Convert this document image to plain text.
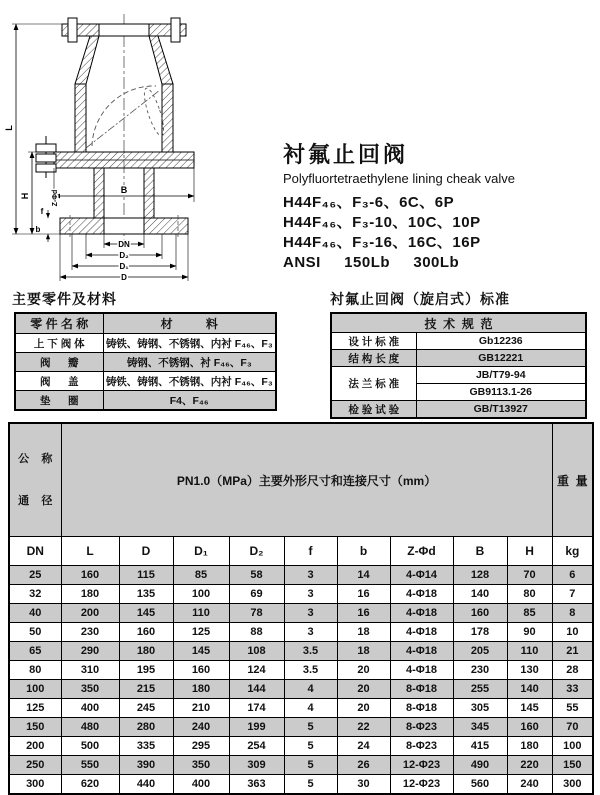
L
H
B
f
b
Z-Φd
DN
D₂
D₁
D
衬氟止回阀
Polyfluortetraethylene lining cheak valve
H44F₄₆、F₃-6、6C、6P
H44F₄₆、F₃-10、10C、10P
H44F₄₆、F₃-16、16C、16P
ANSI     150Lb     300Lb
主要零件及材料
零 件 名 称	材          料
上 下 阀 体	铸铁、铸钢、不锈钢、内衬 F₄₆、F₃
阀      瓣	铸钢、不锈钢、衬 F₄₆、F₃
阀      盖	铸铁、铸钢、不锈钢、内衬 F₄₆、F₃
垫      圈	F4、F₄₆
衬氟止回阀（旋启式）标准
技  术  规  范	
设 计 标 准	Gb12236
结 构 长 度	GB12221
法 兰 标 准	JB/T79-94
	GB9113.1-26
检 验 试 验	GB/T13927

公    称

通    径	PN1.0（MPa）主要外形尺寸和连接尺寸（mm）									重  量
DN	L	D	D₁	D₂	f	b	Z-Φd	B	H	kg
25	160	115	85	58	3	14	4-Φ14	128	70	6
32	180	135	100	69	3	16	4-Φ18	140	80	7
40	200	145	110	78	3	16	4-Φ18	160	85	8
50	230	160	125	88	3	18	4-Φ18	178	90	10
65	290	180	145	108	3.5	18	4-Φ18	205	110	21
80	310	195	160	124	3.5	20	4-Φ18	230	130	28
100	350	215	180	144	4	20	8-Φ18	255	140	33
125	400	245	210	174	4	20	8-Φ18	305	145	55
150	480	280	240	199	5	22	8-Φ23	345	160	70
200	500	335	295	254	5	24	8-Φ23	415	180	100
250	550	390	350	309	5	26	12-Φ23	490	220	150
300	620	440	400	363	5	30	12-Φ23	560	240	300
